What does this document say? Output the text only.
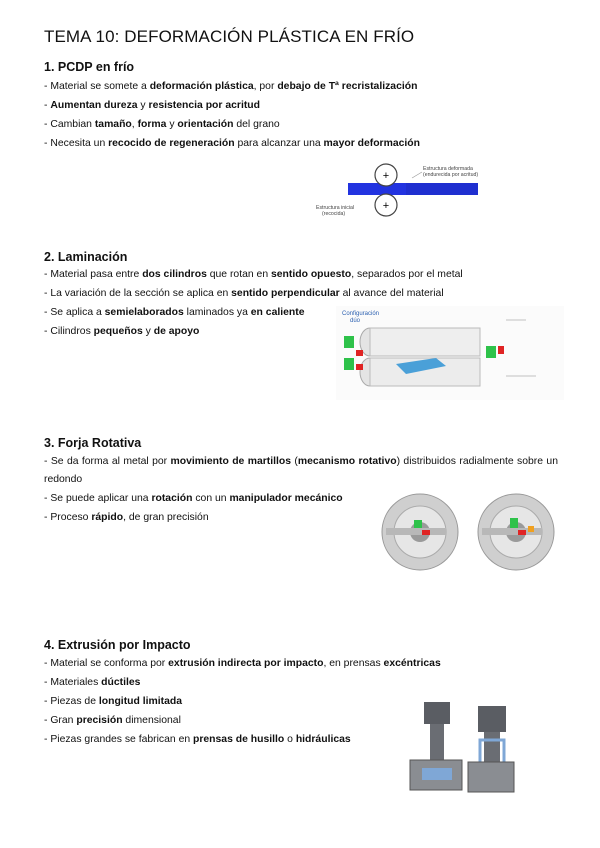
TEMA 10: DEFORMACIÓN PLÁSTICA EN FRÍO
1. PCDP en frío
- Material se somete a deformación plástica, por debajo de Tª recristalización
- Aumentan dureza y resistencia por acritud
- Cambian tamaño, forma y orientación del grano
- Necesita un recocido de regeneración para alcanzar una mayor deformación
+
+
Estructura deformada
(endurecida por acritud)
Estructura inicial
(recocida)
2. Laminación
- Material pasa entre dos cilindros que rotan en sentido opuesto, separados por el metal
- La variación de la sección se aplica en sentido perpendicular al avance del material
- Se aplica a semielaborados laminados ya en caliente
- Cilindros pequeños y de apoyo
Configuración
dúo
3. Forja Rotativa
- Se da forma al metal por movimiento de martillos (mecanismo rotativo) distribuidos radialmente sobre un redondo
- Se puede aplicar una rotación con un manipulador mecánico
- Proceso rápido, de gran precisión
4. Extrusión por Impacto
- Material se conforma por extrusión indirecta por impacto, en prensas excéntricas
- Materiales dúctiles
- Piezas de longitud limitada
- Gran precisión dimensional
- Piezas grandes se fabrican en prensas de husillo o hidráulicas
